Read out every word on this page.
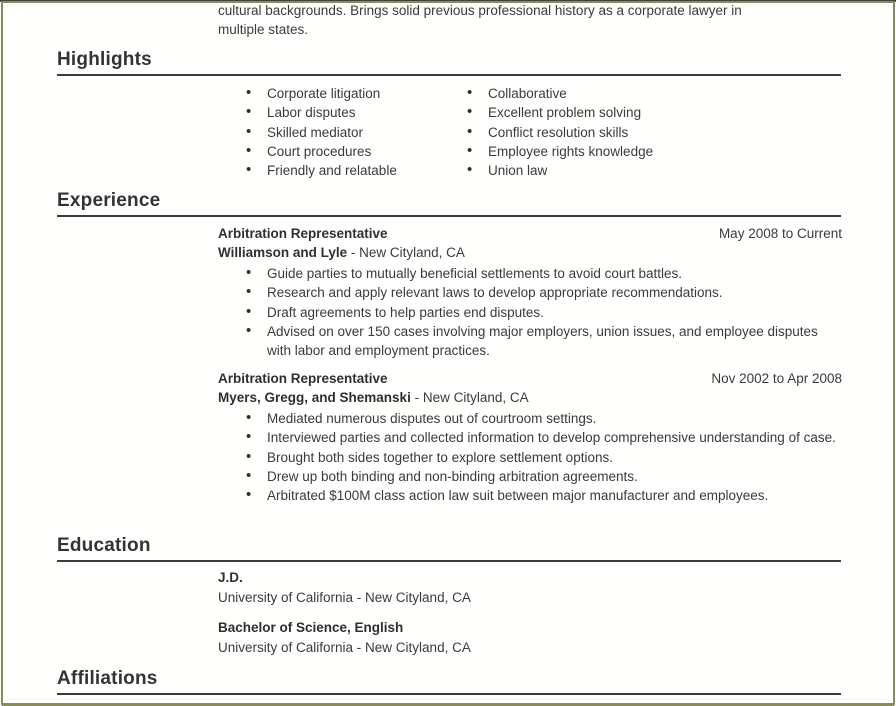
cultural backgrounds. Brings solid previous professional history as a corporate lawyer in
multiple states.
Highlights
• Corporate litigation
• Labor disputes
• Skilled mediator
• Court procedures
• Friendly and relatable
• Collaborative
• Excellent problem solving
• Conflict resolution skills
• Employee rights knowledge
• Union law
Experience
Arbitration Representative	May 2008 to Current
Williamson and Lyle - New Cityland, CA
• Guide parties to mutually beneficial settlements to avoid court battles.
• Research and apply relevant laws to develop appropriate recommendations.
• Draft agreements to help parties end disputes.
• Advised on over 150 cases involving major employers, union issues, and employee disputes with labor and employment practices.
Arbitration Representative	Nov 2002 to Apr 2008
Myers, Gregg, and Shemanski - New Cityland, CA
• Mediated numerous disputes out of courtroom settings.
• Interviewed parties and collected information to develop comprehensive understanding of case.
• Brought both sides together to explore settlement options.
• Drew up both binding and non-binding arbitration agreements.
• Arbitrated $100M class action law suit between major manufacturer and employees.
Education
J.D.
University of California - New Cityland, CA
Bachelor of Science, English
University of California - New Cityland, CA
Affiliations
